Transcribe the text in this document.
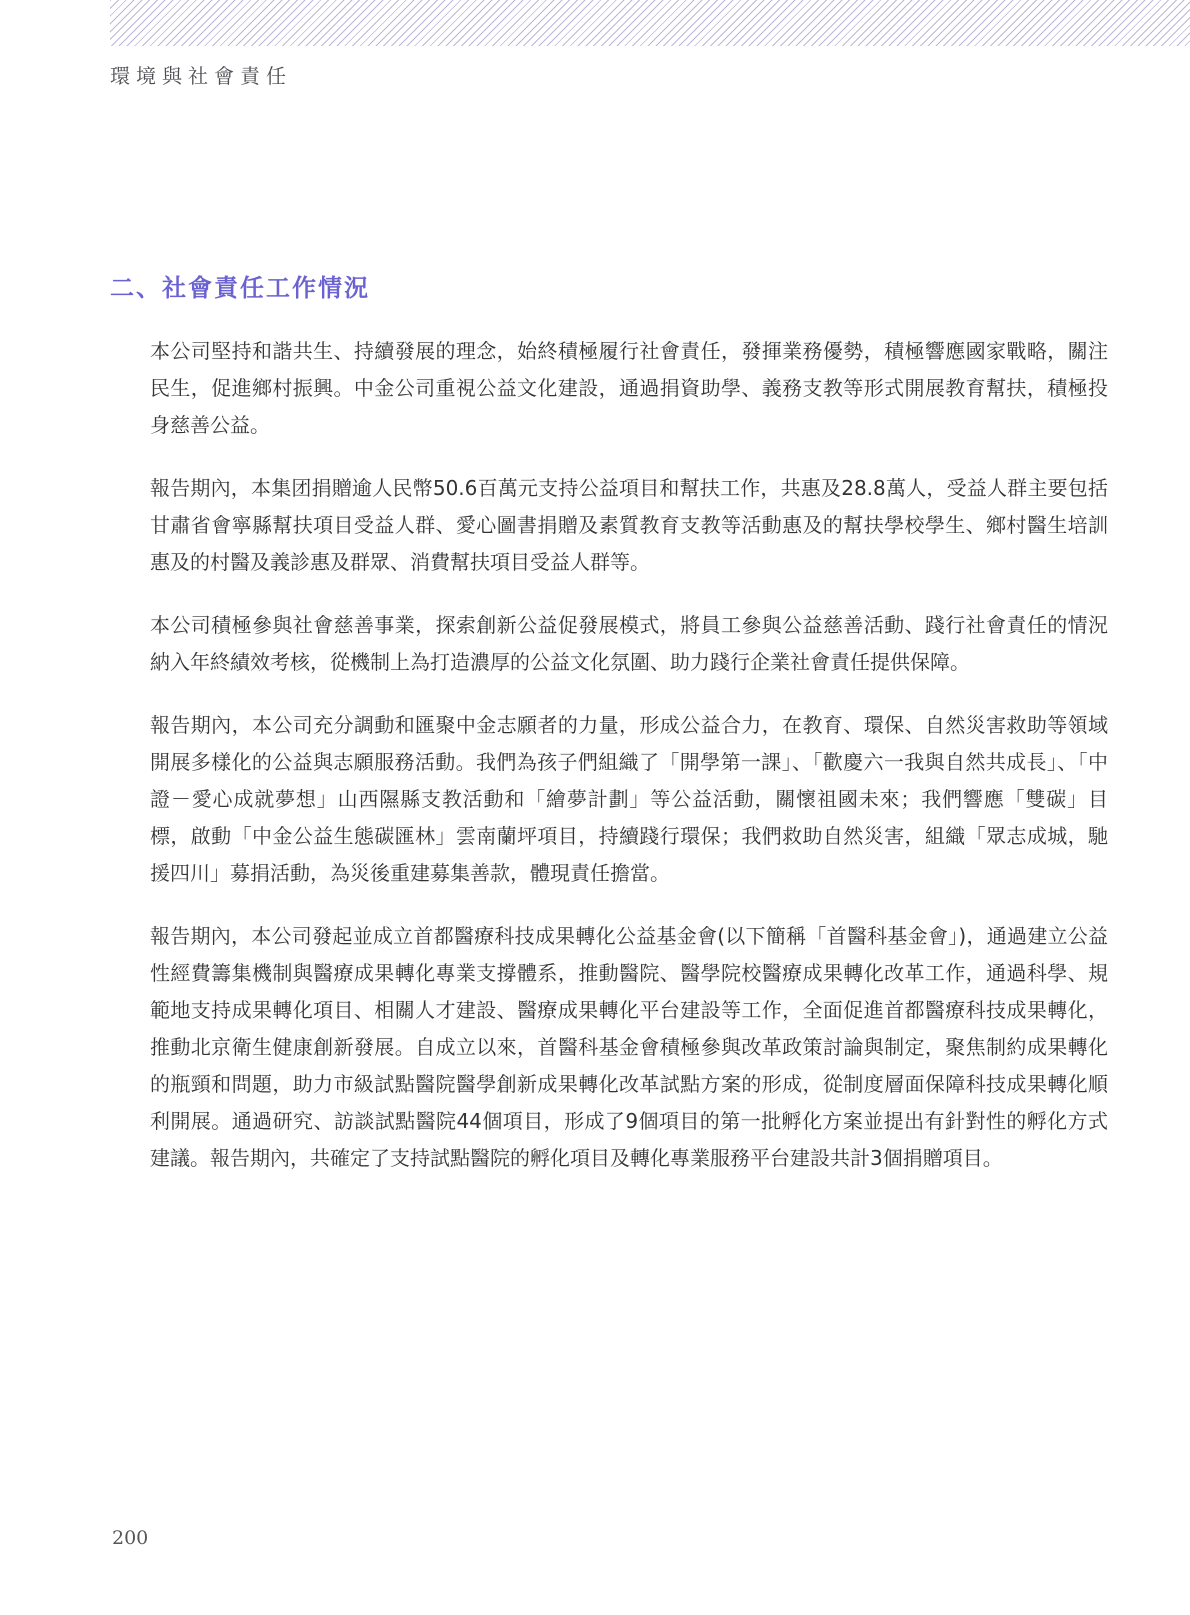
環境與社會責任
二、社會責任工作情況

本公司堅持和諧共生、持續發展的理念，始終積極履行社會責任，發揮業務優勢，積極響應國家戰略，關注民生，促進鄉村振興。中金公司重視公益文化建設，通過捐資助學、義務支教等形式開展教育幫扶，積極投身慈善公益。

報告期內，本集团捐贈逾人民幣50.6百萬元支持公益項目和幫扶工作，共惠及28.8萬人，受益人群主要包括甘肅省會寧縣幫扶項目受益人群、愛心圖書捐贈及素質教育支教等活動惠及的幫扶學校學生、鄉村醫生培訓惠及的村醫及義診惠及群眾、消費幫扶項目受益人群等。

本公司積極參與社會慈善事業，探索創新公益促發展模式，將員工參與公益慈善活動、踐行社會責任的情況納入年終績效考核，從機制上為打造濃厚的公益文化氛圍、助力踐行企業社會責任提供保障。

報告期內，本公司充分調動和匯聚中金志願者的力量，形成公益合力，在教育、環保、自然災害救助等領域開展多樣化的公益與志願服務活動。我們為孩子們組織了「開學第一課」、「歡慶六一我與自然共成長」、「中證－愛心成就夢想」山西隰縣支教活動和「繪夢計劃」等公益活動，關懷祖國未來；我們響應「雙碳」目標，啟動「中金公益生態碳匯林」雲南蘭坪項目，持續踐行環保；我們救助自然災害，組織「眾志成城，馳援四川」募捐活動，為災後重建募集善款，體現責任擔當。

報告期內，本公司發起並成立首都醫療科技成果轉化公益基金會(以下簡稱「首醫科基金會」)，通過建立公益性經費籌集機制與醫療成果轉化專業支撐體系，推動醫院、醫學院校醫療成果轉化改革工作，通過科學、規範地支持成果轉化項目、相關人才建設、醫療成果轉化平台建設等工作，全面促進首都醫療科技成果轉化，推動北京衛生健康創新發展。自成立以來，首醫科基金會積極參與改革政策討論與制定，聚焦制約成果轉化的瓶頸和問題，助力市級試點醫院醫學創新成果轉化改革試點方案的形成，從制度層面保障科技成果轉化順利開展。通過研究、訪談試點醫院44個項目，形成了9個項目的第一批孵化方案並提出有針對性的孵化方式建議。報告期內，共確定了支持試點醫院的孵化項目及轉化專業服務平台建設共計3個捐贈項目。

200
